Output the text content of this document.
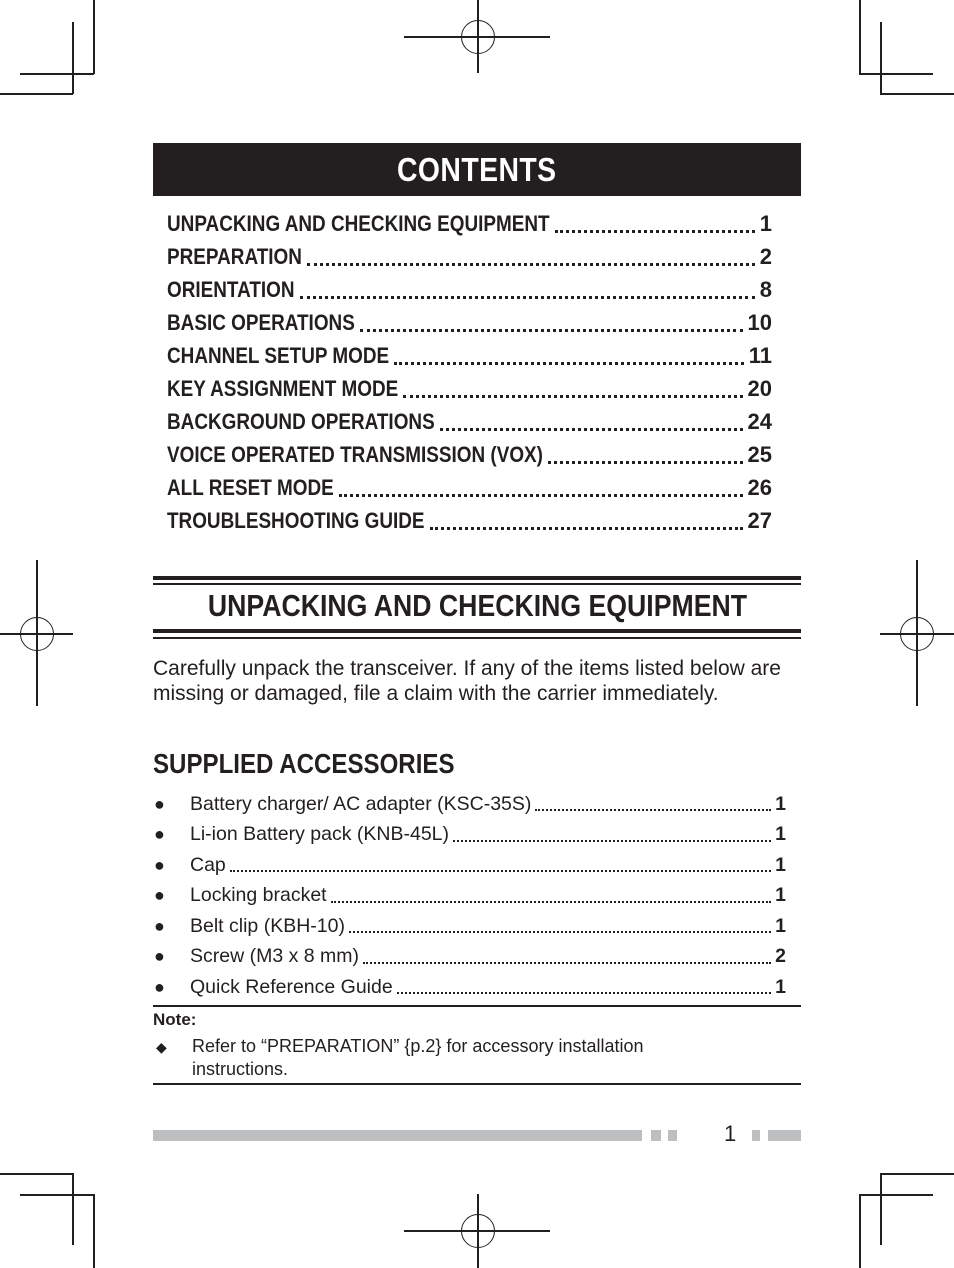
CONTENTS
UNPACKING AND CHECKING EQUIPMENT	1
PREPARATION	2
ORIENTATION	8
BASIC OPERATIONS	10
CHANNEL SETUP MODE	11
KEY ASSIGNMENT MODE	20
BACKGROUND OPERATIONS	24
VOICE OPERATED TRANSMISSION (VOX)	25
ALL RESET MODE	26
TROUBLESHOOTING GUIDE	27
UNPACKING AND CHECKING EQUIPMENT
Carefully unpack the transceiver. If any of the items listed below are missing or damaged, file a claim with the carrier immediately.
SUPPLIED ACCESSORIES
●	Battery charger/ AC adapter (KSC-35S)	1
●	Li-ion Battery pack (KNB-45L)	1
●	Cap	1
●	Locking bracket	1
●	Belt clip (KBH-10)	1
●	Screw (M3 x 8 mm)	2
●	Quick Reference Guide	1
Note:
◆	Refer to “PREPARATION” {p.2} for accessory installation instructions.
1
